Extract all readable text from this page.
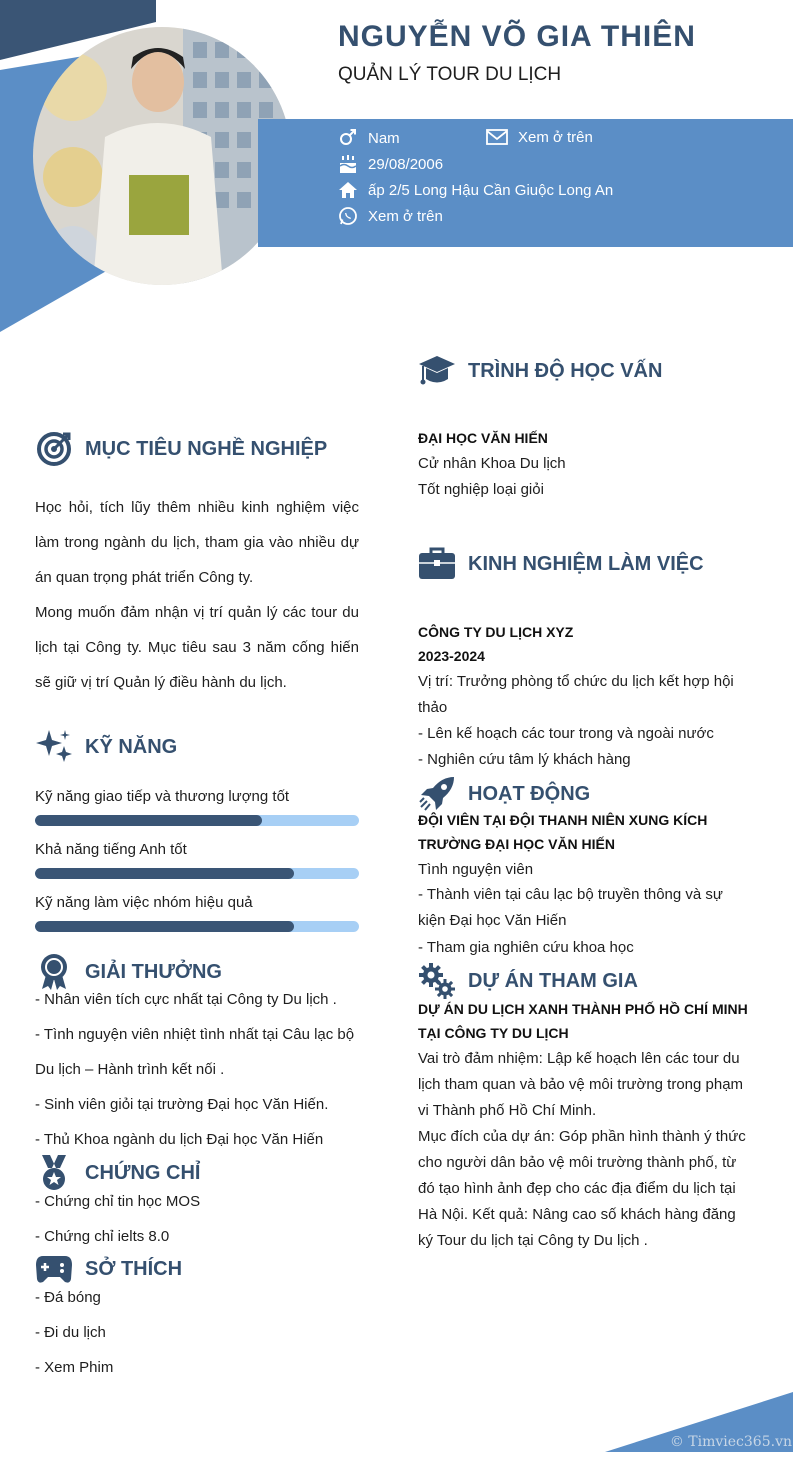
NGUYỄN VÕ GIA THIÊN
QUẢN LÝ TOUR DU LỊCH
Nam	Xem ở trên
29/08/2006
ấp 2/5 Long Hậu Cần Giuộc Long An
Xem ở trên
MỤC TIÊU NGHỀ NGHIỆP
Học hỏi, tích lũy thêm nhiều kinh nghiệm việc làm trong ngành du lịch, tham gia vào nhiều dự án quan trọng phát triển Công ty.
Mong muốn đảm nhận vị trí quản lý các tour du lịch tại Công ty. Mục tiêu sau 3 năm cống hiến sẽ giữ vị trí Quản lý điều hành du lịch.
KỸ NĂNG
Kỹ năng giao tiếp và thương lượng tốt
Khả năng tiếng Anh tốt
Kỹ năng làm việc nhóm hiệu quả
GIẢI THƯỞNG
- Nhân viên tích cực nhất tại Công ty Du lịch .
- Tình nguyện viên nhiệt tình nhất tại Câu lạc bộ
Du lịch – Hành trình kết nối .
- Sinh viên giỏi tại trường Đại học Văn Hiến.
- Thủ Khoa ngành du lịch Đại học Văn Hiến
CHỨNG CHỈ
- Chứng chỉ tin học MOS
- Chứng chỉ ielts 8.0
SỞ THÍCH
- Đá bóng
- Đi du lịch
- Xem Phim
TRÌNH ĐỘ HỌC VẤN
ĐẠI HỌC VĂN HIẾN
Cử nhân Khoa Du lịch
Tốt nghiệp loại giỏi
KINH NGHIỆM LÀM VIỆC
CÔNG TY DU LỊCH XYZ
2023-2024
Vị trí: Trưởng phòng tổ chức du lịch kết hợp hội thảo
- Lên kế hoạch các tour trong và ngoài nước
- Nghiên cứu tâm lý khách hàng
HOẠT ĐỘNG
ĐỘI VIÊN TẠI ĐỘI THANH NIÊN XUNG KÍCH
TRƯỜNG ĐẠI HỌC VĂN HIẾN
Tình nguyện viên
- Thành viên tại câu lạc bộ truyền thông và sự kiện Đại học Văn Hiến
- Tham gia nghiên cứu khoa học
DỰ ÁN THAM GIA
DỰ ÁN DU LỊCH XANH THÀNH PHỐ HỒ CHÍ MINH
TẠI CÔNG TY DU LỊCH
Vai trò đảm nhiệm: Lập kế hoạch lên các tour du lịch tham quan và bảo vệ môi trường trong phạm vi Thành phố Hồ Chí Minh.
Mục đích của dự án: Góp phần hình thành ý thức cho người dân bảo vệ môi trường thành phố, từ đó tạo hình ảnh đẹp cho các địa điểm du lịch tại Hà Nội. Kết quả: Nâng cao số khách hàng đăng ký Tour du lịch tại Công ty Du lịch .
© Timviec365.vn
